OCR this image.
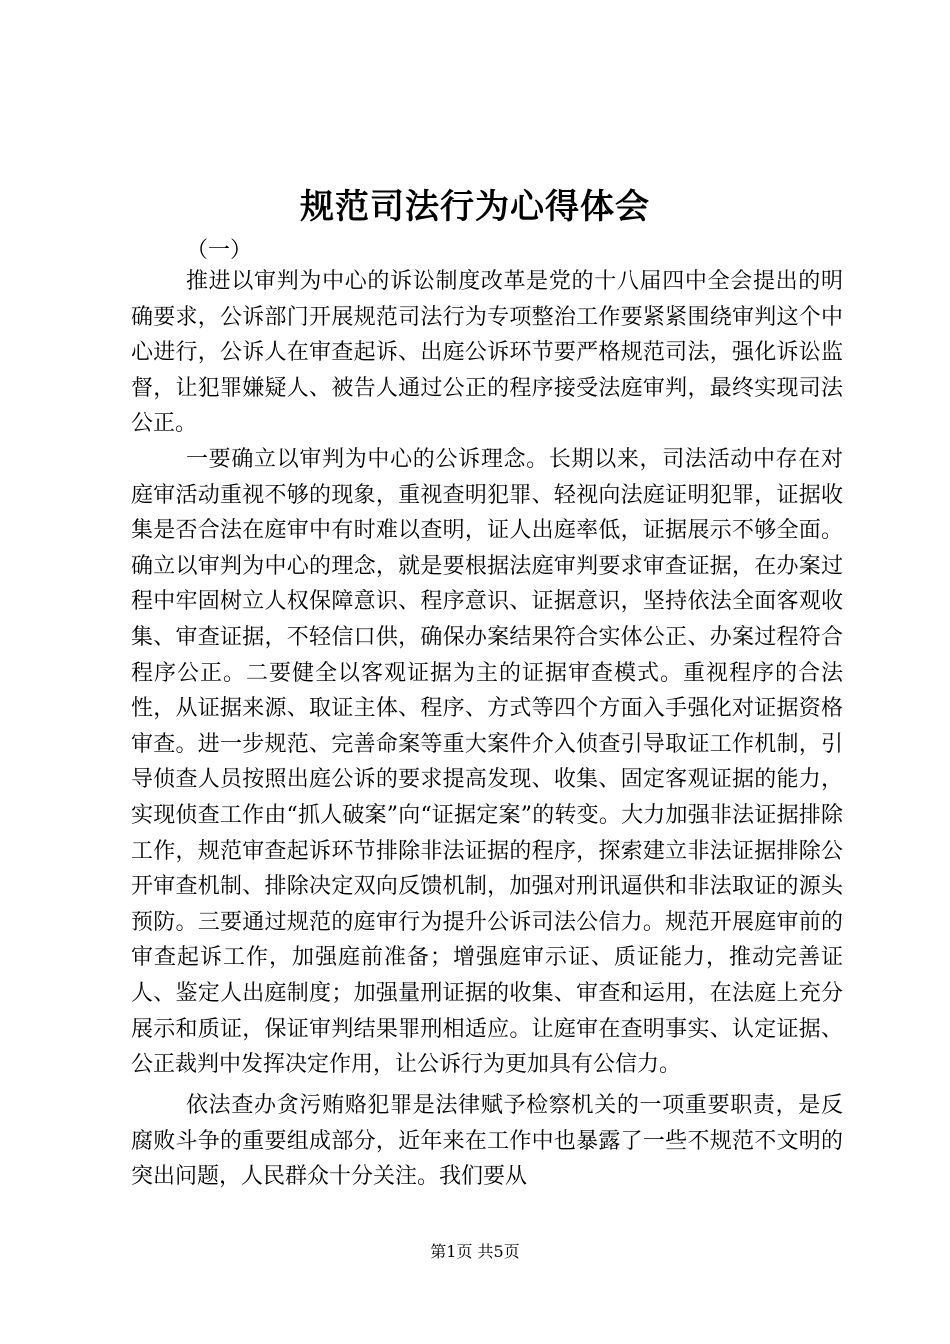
规范司法行为心得体会
（一）

推进以审判为中心的诉讼制度改革是党的十八届四中全会提出的明确要求，公诉部门开展规范司法行为专项整治工作要紧紧围绕审判这个中心进行，公诉人在审查起诉、出庭公诉环节要严格规范司法，强化诉讼监督，让犯罪嫌疑人、被告人通过公正的程序接受法庭审判，最终实现司法公正。

一要确立以审判为中心的公诉理念。长期以来，司法活动中存在对庭审活动重视不够的现象，重视查明犯罪、轻视向法庭证明犯罪，证据收集是否合法在庭审中有时难以查明，证人出庭率低，证据展示不够全面。确立以审判为中心的理念，就是要根据法庭审判要求审查证据，在办案过程中牢固树立人权保障意识、程序意识、证据意识，坚持依法全面客观收集、审查证据，不轻信口供，确保办案结果符合实体公正、办案过程符合程序公正。二要健全以客观证据为主的证据审查模式。重视程序的合法性，从证据来源、取证主体、程序、方式等四个方面入手强化对证据资格审查。进一步规范、完善命案等重大案件介入侦查引导取证工作机制，引导侦查人员按照出庭公诉的要求提高发现、收集、固定客观证据的能力，实现侦查工作由“抓人破案”向“证据定案”的转变。大力加强非法证据排除工作，规范审查起诉环节排除非法证据的程序，探索建立非法证据排除公开审查机制、排除决定双向反馈机制，加强对刑讯逼供和非法取证的源头预防。三要通过规范的庭审行为提升公诉司法公信力。规范开展庭审前的审查起诉工作，加强庭前准备；增强庭审示证、质证能力，推动完善证人、鉴定人出庭制度；加强量刑证据的收集、审查和运用，在法庭上充分展示和质证，保证审判结果罪刑相适应。让庭审在查明事实、认定证据、公正裁判中发挥决定作用，让公诉行为更加具有公信力。

依法查办贪污贿赂犯罪是法律赋予检察机关的一项重要职责，是反腐败斗争的重要组成部分，近年来在工作中也暴露了一些不规范不文明的突出问题，人民群众十分关注。我们要从

第1页 共5页
